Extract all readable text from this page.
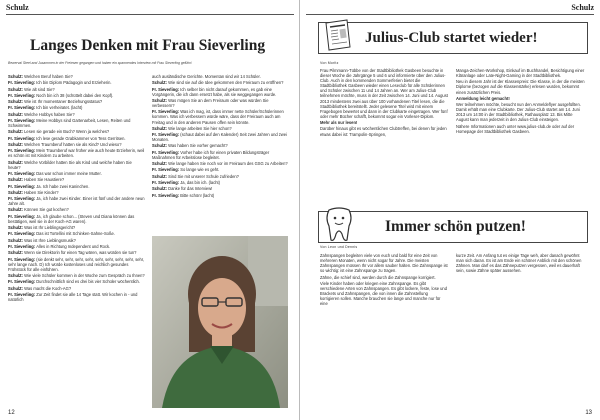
Schulz
Langes Denken mit Frau Sieverling
Bewerval Steel and Jusammen in der Freiesen gegangen und haben ein spannendes Interview mit Frau Sieverling geführt.

SchulZ: Welchen Beruf haben Sie?

Fr. Sieverling: Ich bin Diplom Pädagogin und Erzieherin.

SchulZ: Wie alt sind Sie?

Fr. Sieverling: Noch bin ich 38 (schüttelt dabei den Kopf).

SchulZ: Wie ist Ihr momentaner Beziehungsstatus?

Fr. Sieverling: Ich bin verheiratet. (lacht)

SchulZ: Welche Hobbys haben Sie?

Fr. Sieverling: Meine Hobbys sind Gartenarbeit, Lesen, Reiten und Schwimmen.

SchulZ: Lesen sie gerade ein Buch? Wenn ja welches?

Fr. Sieverling: Ich lese gerade Grabkammer von Tess Gerritsen.

SchulZ: Welchen Traumberuf hatten sie als Kind? Und wieso?

Fr. Sieverling: Mein Traumberuf war früher wie auch heute Erzieherin, weil es schön ist mit Kindern zu arbeiten.

SchulZ: Welche Vorbilder hatten Sie als Kind und welche haben Sie heute?

Fr. Sieverling: Das war schon immer meine Mutter.

SchulZ: Haben Sie Haustiere?

Fr. Sieverling: Ja. Ich habe zwei Kaninchen.

SchulZ: Haben Sie Kinder?

Fr. Sieverling: Ja, ich habe zwei Kinder. Einer ist fünf und der andere neun Jahre alt.

SchulZ: Können Sie gut kochen?

Fr. Sieverling: Ja, ich glaube schon... (Steven und Diana können das bestätigen, weil sie in der Koch-AG waren).

SchulZ: Was ist Ihr Lieblingsgericht?

Fr. Sieverling: Das ist Tortellini mit Schinken-Sahne-Soße.

SchulZ: Was ist Ihre Lieblingsmusik?

Fr. Sieverling: Alles in Richtung Independent und Rock.

SchulZ: Wenn sie Direktorin für einen Tag wären, was würden sie tun?

Fr. Sieverling: (sie denkt sehr, sehr, sehr, sehr, sehr, sehr, sehr, sehr, sehr, sehr lange nach. D) Ich würde kostenloses und reichlich gesundes Frühstück für alle einführen.

SchulZ: Wie viele Schüler kommen in der Woche zum Gespräch zu Ihnen?

Fr. Sieverling: Durchschnittlich sind es drei bis vier Schüler wöchentlich.

SchulZ: Was macht die Koch-AG?

Fr. Sieverling: Zur Zeit findet sie alle 14 Tage statt. Wir kochen in - und natürlich

auch ausländische Gerichte. Momentan sind wir 14 Schüler.

SchulZ: Wie sind sie auf die Idee gekommen den Freiraum zu eröffnen?

Fr. Sieverling: Ich selber bin nicht darauf gekommen, es gab eine Vorgängerin, die ich dann ersetzt habe, als sie weggegangen wurde.

SchulZ: Was mögen Sie an dem Freiraum oder was würden Sie verbessern?

Fr. Sieverling: Was ich mag, ist, dass immer nette Schüler/Schülerinnen kommen. Was ich verbessern würde wäre, dass der Freiraum auch am Freitag und in den anderen Pausen offen sein könnte.

SchulZ: Wie lange arbeiten Sie hier schon?

Fr. Sieverling: (schaut dabei auf den Kalender) Seit zwei Jahren und zwei Monaten.

SchulZ: Was haben Sie vorher gemacht?

Fr. Sieverling: Vorher habe ich für einen privaten Bildungsträger Maßnahmen für Arbeitslose begleitet.

SchulZ: Wie lange haben Sie noch vor im Freiraum des GSG zu Arbeiten?

Fr. Sieverling: So lange wie es geht.

SchulZ: Sind Sie mit unserer Schule zufrieden?

Fr. Sieverling: Ja, das bin ich. (lacht)

SchulZ: Danke für das Interview!

Fr. Sieverling: Bitte schön! (lacht)

12
Schulz
13
Julius-Club startet wieder!
Von Moritz

Frau Pilmmann-Tübbe von der Stadtbibliothek Gasbeen besuchte in dieser Woche die Jahrgänge 5 und 6 und informierte über den Julius-Club. Auch in den kommenden Sommerferien bietet die Stadtbibliothek Gasbeen wieder einen Leseclub für alle Schülerinnen und Schüler zwischen 11 und 14 Jahren an. Wer am Julius-Club teilnehmen möchte, muss in der Zeit zwischen 14. Juni und 14. August 2013 mindestens zwei aus über 100 vorhandenen Titel lesen, die die Stadtbibliothek bereitstellt. Jeder gelesene Titel wird mit einem Fragebogen bewertet und dann in der Clubkarte eingetragen. Wer fünf oder mehr Bücher schafft, bekommt sogar ein Vorleser-Diplom.

Mehr als nur lesen!

Darüber hinaus gibt es wöchentlichen Clubtreffen, bei denen für jeden etwas dabei ist: Trampolin-Springen,

Manga-Zeichen-Workshop, Einkauf im Buchhandel, Besichtigung einer Kläranlage oder Late-Night-Gaming in der Stadtbibliothek.

Neu in diesem Jahr ist der Klassenpreis: Die Klasse, in der die meisten Diplome (bezogen auf die Klassenstärke) erlesen wurden, bekommt einen zusätzlichen Preis.

Anmeldung leicht gemacht!

Wer teilnehmen möchte, besucht nun den Anmeldeflyer ausgefüllten. Damit erhält man eine Clubkarte. Der Julius-Club startet am 14. Juni 2013 um 14:00 in der Stadtbibliothek, Rathausplatz 13. Bis Mitte August kann man jederzeit in den Julius-Club einsteigen.

Nähere Informationen auch unter www.julius-club.de oder auf der Homepage der Stadtbibliothek Gasbeen.

Immer schön putzen!
Von Leon und Dennis

Zahnspangen begleiten viele von euch und bald für eine Zeit von mehreren Monaten, wenn nicht sogar für Jahre. Die meisten Zahnspangen müssen Ihr vor allem sauber halten. Die Zahnspange ist so wichtig: ist eine Zahnspange zu tragen.

Zähne, die schief sind, werden durch die Zahnspange korrigiert.

Viele Kinder haben oder kriegen eine Zahnspange. Es gibt verschiedene Arten von Zahnspangen. Es gibt lockere, feste, lose und Brackets und Zahnspangen, die von innen die Zahnstellung korrigieren sollen. Manche brauchen sie lange und manche nur für eine

kurze Zeit. Am Anfang tut es einige Tage weh, aber danach gewöhnt man sich daran. Es ist am Ende ein schöner Anblick mit den schönen Zähnen. Man darf es das Zähneputzen vergessen, weil es dauerhaft sein, sowie Zähne später aussehen.
